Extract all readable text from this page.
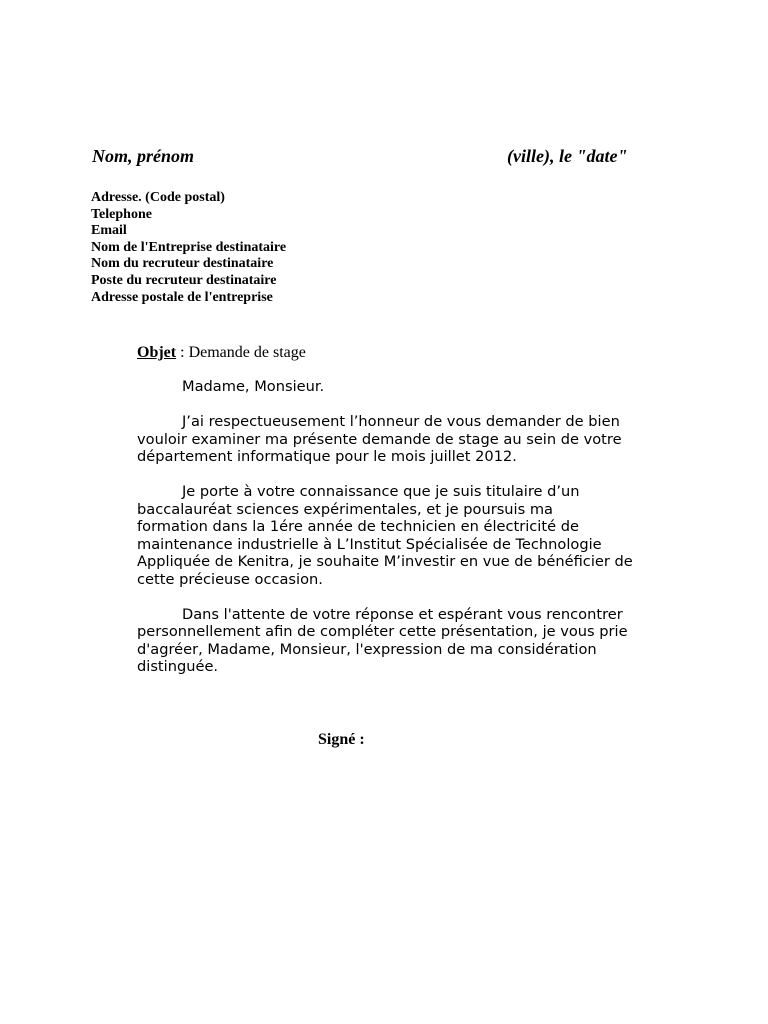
Nom, prénom	(ville), le "date"
Adresse. (Code postal)
Telephone
Email
Nom de l'Entreprise destinataire
Nom du recruteur destinataire
Poste du recruteur destinataire
Adresse postale de l'entreprise
Objet : Demande de stage

Madame, Monsieur.

J’ai respectueusement l’honneur de vous demander de bien
vouloir examiner ma présente demande de stage au sein de votre
département informatique pour le mois juillet 2012.

Je porte à votre connaissance que je suis titulaire d’un
baccalauréat sciences expérimentales, et je poursuis ma
formation dans la 1ére année de technicien en électricité de
maintenance industrielle à L’Institut Spécialisée de Technologie
Appliquée de Kenitra, je souhaite M’investir en vue de bénéficier de
cette précieuse occasion.

Dans l'attente de votre réponse et espérant vous rencontrer
personnellement afin de compléter cette présentation, je vous prie
d'agréer, Madame, Monsieur, l'expression de ma considération
distinguée.

Signé :
